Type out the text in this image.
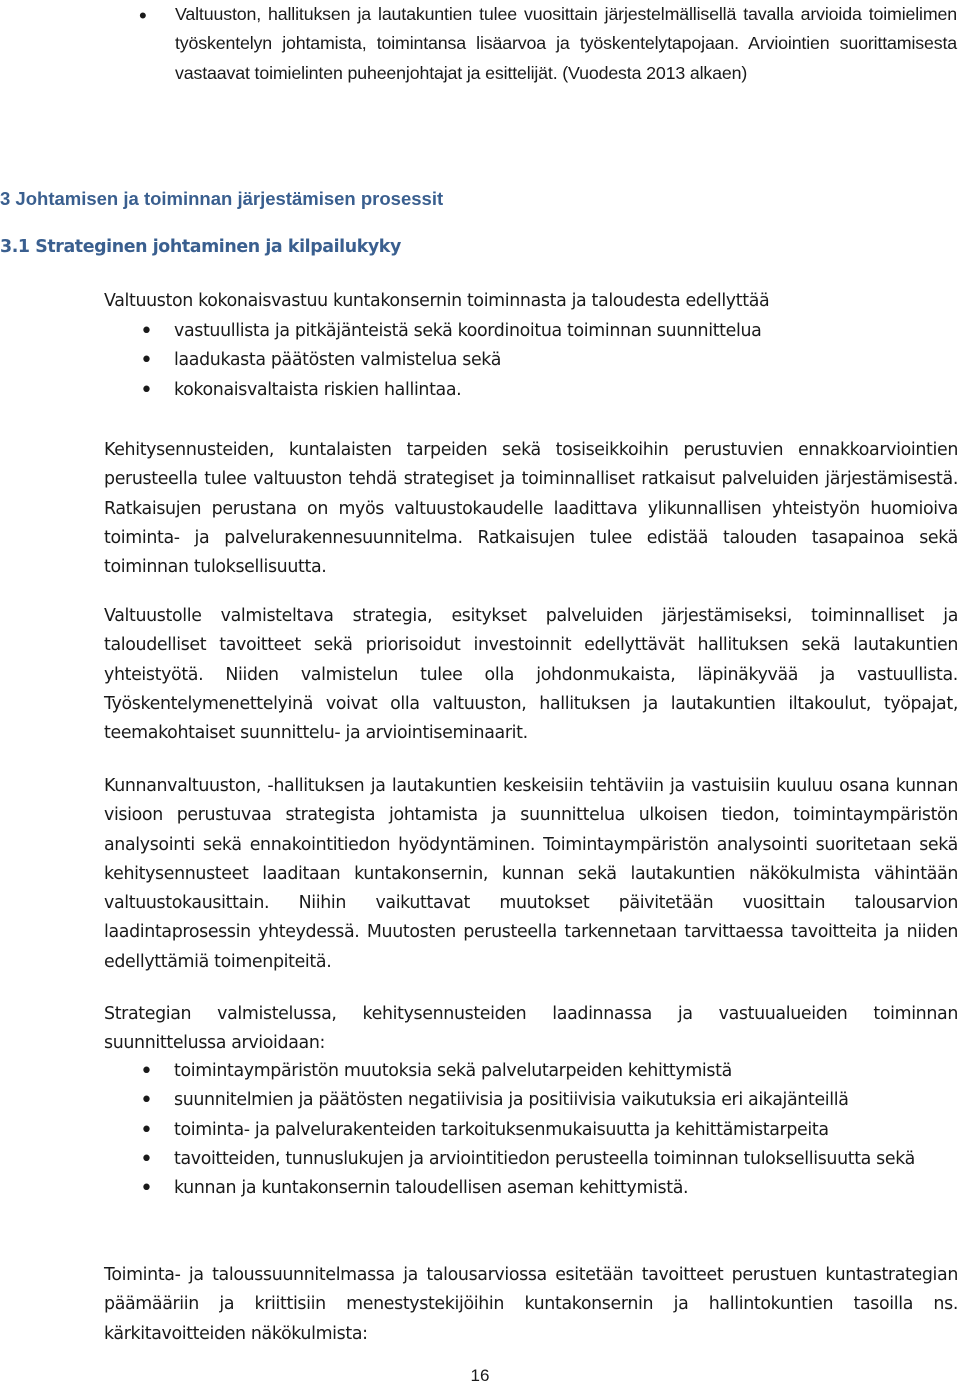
• Valtuuston, hallituksen ja lautakuntien tulee vuosittain järjestelmällisellä tavalla arvioida toimielimen työskentelyn johtamista, toimintansa lisäarvoa ja työskentelytapojaan. Arviointien suorittamisesta vastaavat toimielinten puheenjohtajat ja esittelijät. (Vuodesta 2013 alkaen)

3 Johtamisen ja toiminnan järjestämisen prosessit
3.1 Strateginen johtaminen ja kilpailukyky

Valtuuston kokonaisvastuu kuntakonsernin toiminnasta ja taloudesta edellyttää

• vastuullista ja pitkäjänteistä sekä koordinoitua toiminnan suunnittelua
• laadukasta päätösten valmistelua sekä
• kokonaisvaltaista riskien hallintaa.

Kehitysennusteiden, kuntalaisten tarpeiden sekä tosiseikkoihin perustuvien ennakkoarviointien perusteella tulee valtuuston tehdä strategiset ja toiminnalliset ratkaisut palveluiden järjestämisestä. Ratkaisujen perustana on myös valtuustokaudelle laadittava ylikunnallisen yhteistyön huomioiva toiminta- ja palvelurakennesuunnitelma. Ratkaisujen tulee edistää talouden tasapainoa sekä toiminnan tuloksellisuutta.

Valtuustolle valmisteltava strategia, esitykset palveluiden järjestämiseksi, toiminnalliset ja taloudelliset tavoitteet sekä priorisoidut investoinnit edellyttävät hallituksen sekä lautakuntien yhteistyötä. Niiden valmistelun tulee olla johdonmukaista, läpinäkyvää ja vastuullista. Työskentelymenettelyinä voivat olla valtuuston, hallituksen ja lautakuntien iltakoulut, työpajat, teemakohtaiset suunnittelu- ja arviointiseminaarit.

Kunnanvaltuuston, -hallituksen ja lautakuntien keskeisiin tehtäviin ja vastuisiin kuuluu osana kunnan visioon perustuvaa strategista johtamista ja suunnittelua ulkoisen tiedon, toimintaympäristön analysointi sekä ennakointitiedon hyödyntäminen. Toimintaympäristön analysointi suoritetaan sekä kehitysennusteet laaditaan kuntakonsernin, kunnan sekä lautakuntien näkökulmista vähintään valtuustokausittain. Niihin vaikuttavat muutokset päivitetään vuosittain talousarvion laadintaprosessin yhteydessä. Muutosten perusteella tarkennetaan tarvittaessa tavoitteita ja niiden edellyttämiä toimenpiteitä.

Strategian valmistelussa, kehitysennusteiden laadinnassa ja vastuualueiden toiminnan suunnittelussa arvioidaan:

• toimintaympäristön muutoksia sekä palvelutarpeiden kehittymistä
• suunnitelmien ja päätösten negatiivisia ja positiivisia vaikutuksia eri aikajänteillä
• toiminta- ja palvelurakenteiden tarkoituksenmukaisuutta ja kehittämistarpeita
• tavoitteiden, tunnuslukujen ja arviointitiedon perusteella toiminnan tuloksellisuutta sekä
• kunnan ja kuntakonsernin taloudellisen aseman kehittymistä.

Toiminta- ja taloussuunnitelmassa ja talousarviossa esitetään tavoitteet perustuen kuntastrategian päämääriin ja kriittisiin menestystekijöihin kuntakonsernin ja hallintokuntien tasoilla ns. kärkitavoitteiden näkökulmista:

16
